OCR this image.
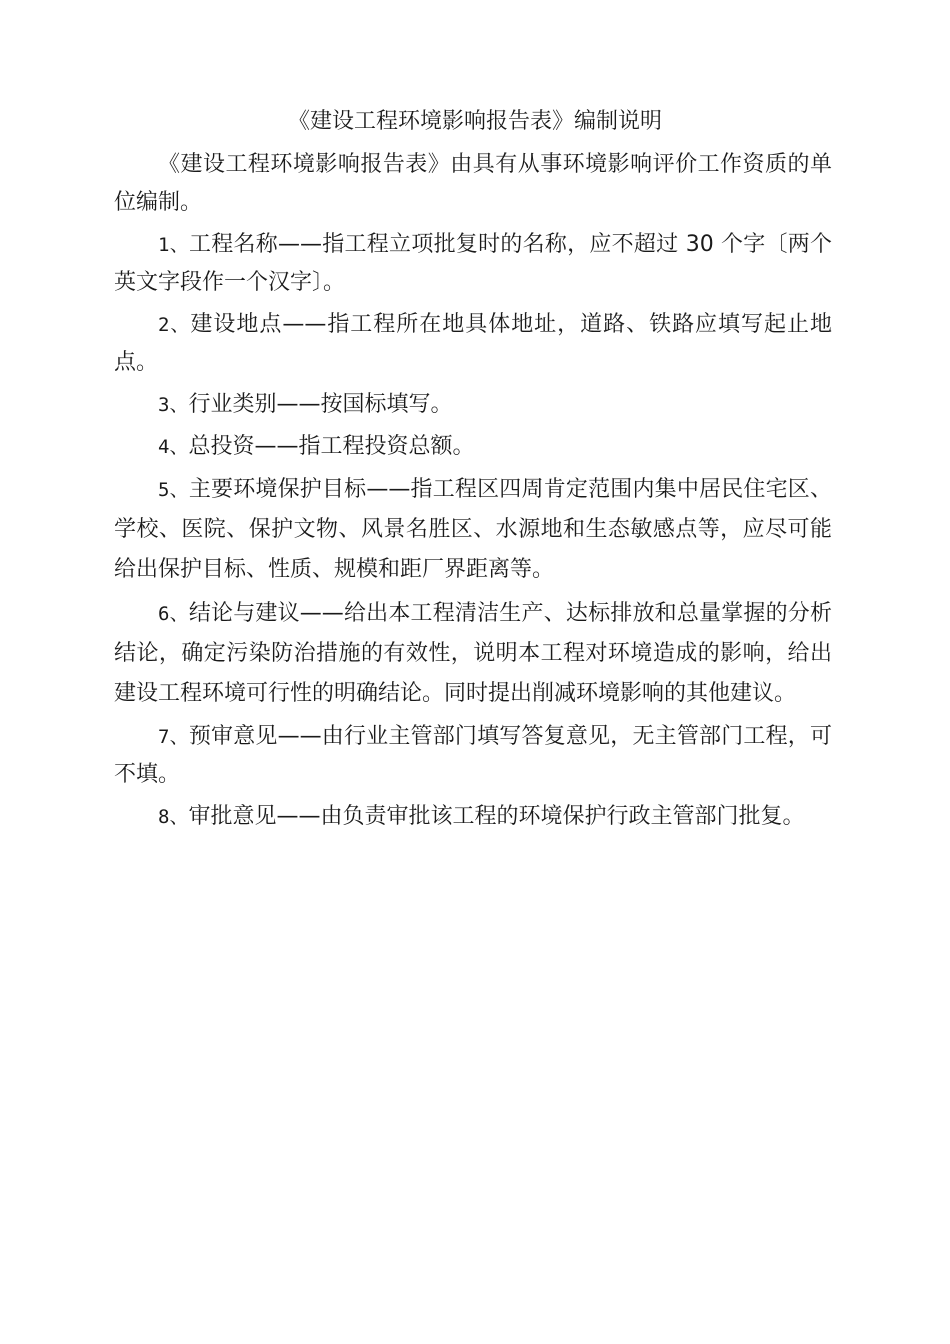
《建设工程环境影响报告表》编制说明

《建设工程环境影响报告表》由具有从事环境影响评价工作资质的单位编制。

1、工程名称——指工程立项批复时的名称，应不超过 30 个字〔两个英文字段作一个汉字〕。

2、建设地点——指工程所在地具体地址，道路、铁路应填写起止地点。

3、行业类别——按国标填写。

4、总投资——指工程投资总额。

5、主要环境保护目标——指工程区四周肯定范围内集中居民住宅区、学校、医院、保护文物、风景名胜区、水源地和生态敏感点等，应尽可能给出保护目标、性质、规模和距厂界距离等。

6、结论与建议——给出本工程清洁生产、达标排放和总量掌握的分析结论，确定污染防治措施的有效性，说明本工程对环境造成的影响，给出建设工程环境可行性的明确结论。同时提出削减环境影响的其他建议。

7、预审意见——由行业主管部门填写答复意见，无主管部门工程，可不填。

8、审批意见——由负责审批该工程的环境保护行政主管部门批复。
